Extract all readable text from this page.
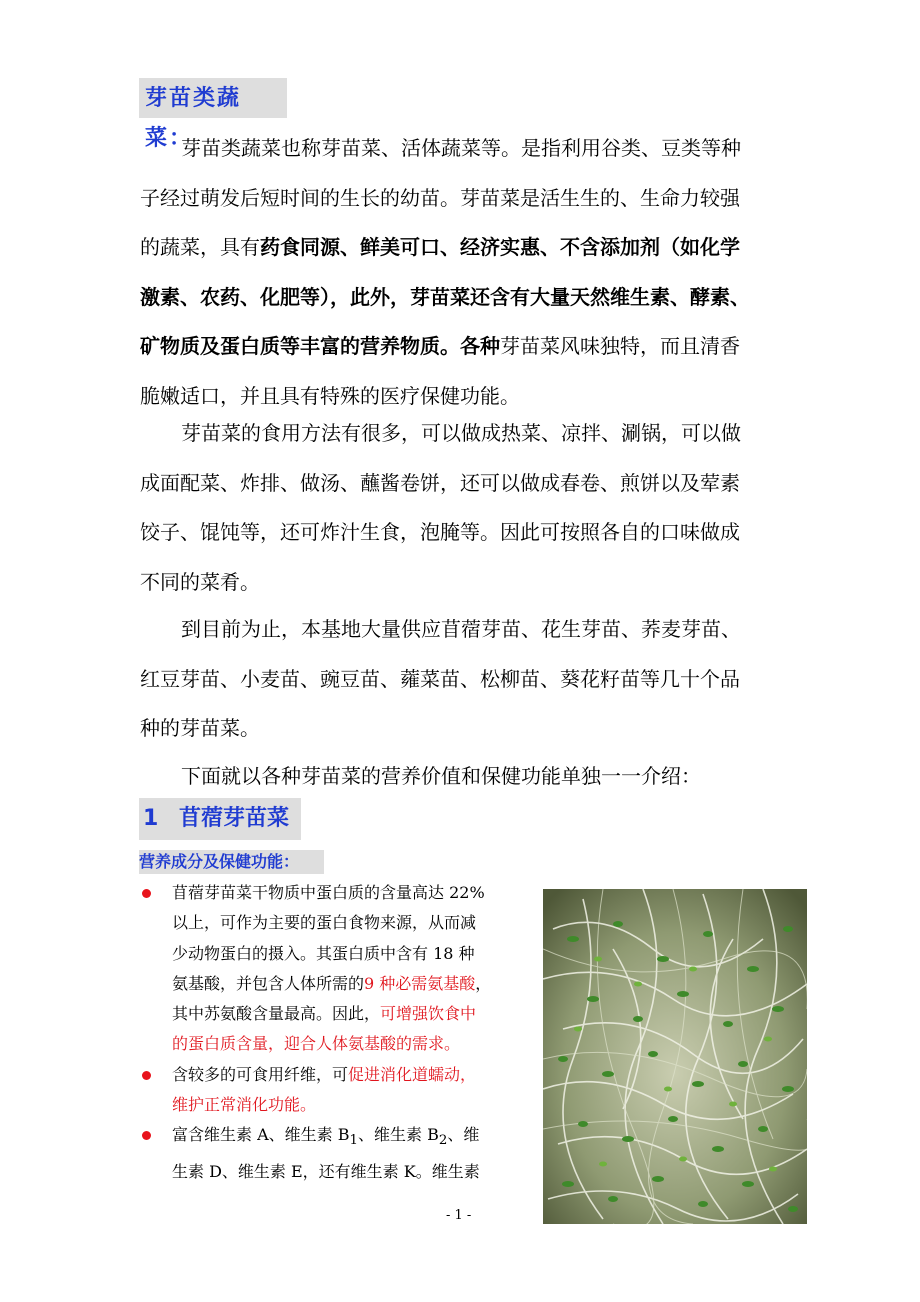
芽苗类蔬菜：
芽苗类蔬菜也称芽苗菜、活体蔬菜等。是指利用谷类、豆类等种
子经过萌发后短时间的生长的幼苗。芽苗菜是活生生的、生命力较强
的蔬菜，具有药食同源、鲜美可口、经济实惠、不含添加剂（如化学
激素、农药、化肥等），此外，芽苗菜还含有大量天然维生素、酵素、
矿物质及蛋白质等丰富的营养物质。各种芽苗菜风味独特，而且清香
脆嫩适口，并且具有特殊的医疗保健功能。
芽苗菜的食用方法有很多，可以做成热菜、凉拌、涮锅，可以做
成面配菜、炸排、做汤、蘸酱卷饼，还可以做成春卷、煎饼以及荤素
饺子、馄饨等，还可炸汁生食，泡腌等。因此可按照各自的口味做成
不同的菜肴。
到目前为止，本基地大量供应苜蓿芽苗、花生芽苗、荞麦芽苗、
红豆芽苗、小麦苗、豌豆苗、蕹菜苗、松柳苗、葵花籽苗等几十个品
种的芽苗菜。
下面就以各种芽苗菜的营养价值和保健功能单独一一介绍：
1 苜蓿芽苗菜
营养成分及保健功能：
苜蓿芽苗菜干物质中蛋白质的含量高达 22%
以上，可作为主要的蛋白食物来源，从而减
少动物蛋白的摄入。其蛋白质中含有 18 种
氨基酸，并包含人体所需的9 种必需氨基酸，
其中苏氨酸含量最高。因此，可增强饮食中
的蛋白质含量，迎合人体氨基酸的需求。
含较多的可食用纤维，可促进消化道蠕动，
维护正常消化功能。
富含维生素 A、维生素 $B_1$、维生素 $B_2$、维
生素 D、维生素 E，还有维生素 K。维生素
- 1 -
